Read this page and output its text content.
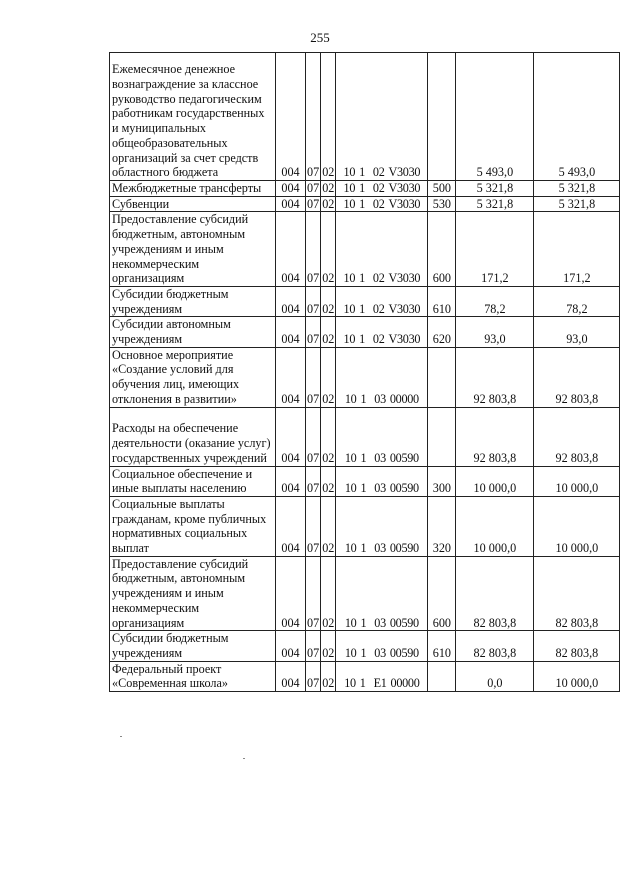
255
Ежемесячное денежное вознаграждение за классное руководство педагогическим работникам государственных и муниципальных общеобразовательных организаций за счет средств областного бюджета	004	07	02	10 1 02 V3030		5 493,0	5 493,0
Межбюджетные трансферты	004	07	02	10 1 02 V3030	500	5 321,8	5 321,8
Субвенции	004	07	02	10 1 02 V3030	530	5 321,8	5 321,8
Предоставление субсидий бюджетным, автономным учреждениям и иным некоммерческим организациям	004	07	02	10 1 02 V3030	600	171,2	171,2
Субсидии бюджетным учреждениям	004	07	02	10 1 02 V3030	610	78,2	78,2
Субсидии автономным учреждениям	004	07	02	10 1 02 V3030	620	93,0	93,0
Основное мероприятие «Создание условий для обучения лиц, имеющих отклонения в развитии»	004	07	02	10 1 03 00000		92 803,8	92 803,8
Расходы на обеспечение деятельности (оказание услуг) государственных учреждений	004	07	02	10 1 03 00590		92 803,8	92 803,8
Социальное обеспечение и иные выплаты населению	004	07	02	10 1 03 00590	300	10 000,0	10 000,0
Социальные выплаты гражданам, кроме публичных нормативных социальных выплат	004	07	02	10 1 03 00590	320	10 000,0	10 000,0
Предоставление субсидий бюджетным, автономным учреждениям и иным некоммерческим организациям	004	07	02	10 1 03 00590	600	82 803,8	82 803,8
Субсидии бюджетным учреждениям	004	07	02	10 1 03 00590	610	82 803,8	82 803,8
Федеральный проект «Современная школа»	004	07	02	10 1 E1 00000		0,0	10 000,0
